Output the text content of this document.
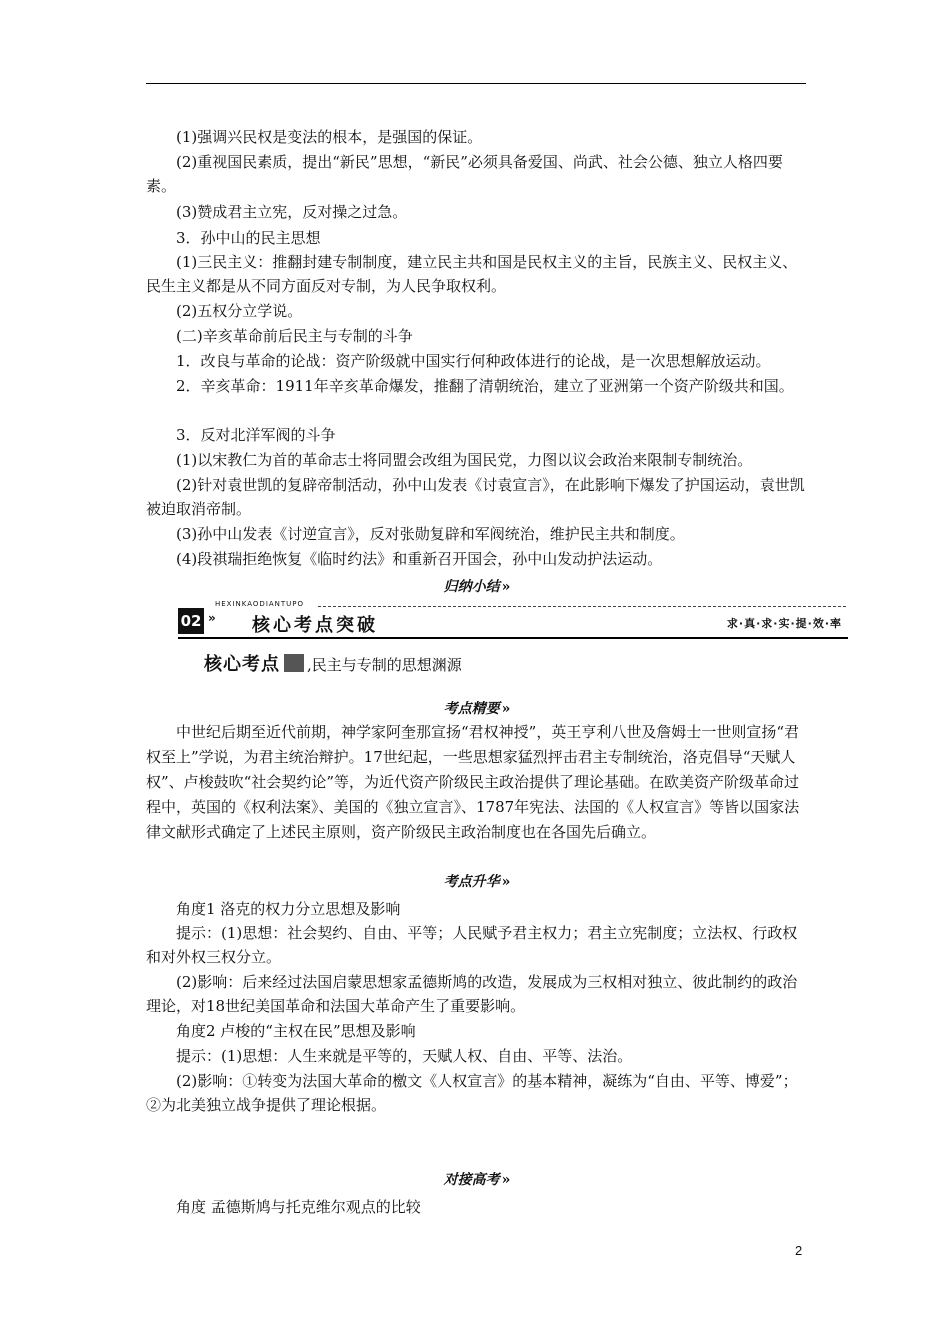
(1)强调兴民权是变法的根本，是强国的保证。

(2)重视国民素质，提出“新民”思想，“新民”必须具备爱国、尚武、社会公德、独立人格四要素。

(3)赞成君主立宪，反对操之过急。

3．孙中山的民主思想

(1)三民主义：推翻封建专制制度，建立民主共和国是民权主义的主旨，民族主义、民权主义、民生主义都是从不同方面反对专制，为人民争取权利。

(2)五权分立学说。

(二)辛亥革命前后民主与专制的斗争

1．改良与革命的论战：资产阶级就中国实行何种政体进行的论战，是一次思想解放运动。

2．辛亥革命：1911年辛亥革命爆发，推翻了清朝统治，建立了亚洲第一个资产阶级共和国。

3．反对北洋军阀的斗争

(1)以宋教仁为首的革命志士将同盟会改组为国民党，力图以议会政治来限制专制统治。

(2)针对袁世凯的复辟帝制活动，孙中山发表《讨袁宣言》，在此影响下爆发了护国运动，袁世凯被迫取消帝制。

(3)孙中山发表《讨逆宣言》，反对张勋复辟和军阀统治，维护民主共和制度。

(4)段祺瑞拒绝恢复《临时约法》和重新召开国会，孙中山发动护法运动。

归纳小结 »
HEXINKAODIANTUPO
02 » 核心考点突破	求·真·求·实·提·效·率
核心考点 ,民主与专制的思想渊源
考点精要 »

中世纪后期至近代前期，神学家阿奎那宣扬“君权神授”，英王亨利八世及詹姆士一世则宣扬“君权至上”学说，为君主统治辩护。17世纪起，一些思想家猛烈抨击君主专制统治，洛克倡导“天赋人权”、卢梭鼓吹“社会契约论”等，为近代资产阶级民主政治提供了理论基础。在欧美资产阶级革命过程中，英国的《权利法案》、美国的《独立宣言》、1787年宪法、法国的《人权宣言》等皆以国家法律文献形式确定了上述民主原则，资产阶级民主政治制度也在各国先后确立。

考点升华 »

角度1 洛克的权力分立思想及影响

提示：(1)思想：社会契约、自由、平等；人民赋予君主权力；君主立宪制度；立法权、行政权和对外权三权分立。

(2)影响：后来经过法国启蒙思想家孟德斯鸠的改造，发展成为三权相对独立、彼此制约的政治理论，对18世纪美国革命和法国大革命产生了重要影响。

角度2 卢梭的“主权在民”思想及影响

提示：(1)思想：人生来就是平等的，天赋人权、自由、平等、法治。

(2)影响：①转变为法国大革命的檄文《人权宣言》的基本精神，凝练为“自由、平等、博爱”；②为北美独立战争提供了理论根据。

对接高考 »

角度 孟德斯鸠与托克维尔观点的比较

2
